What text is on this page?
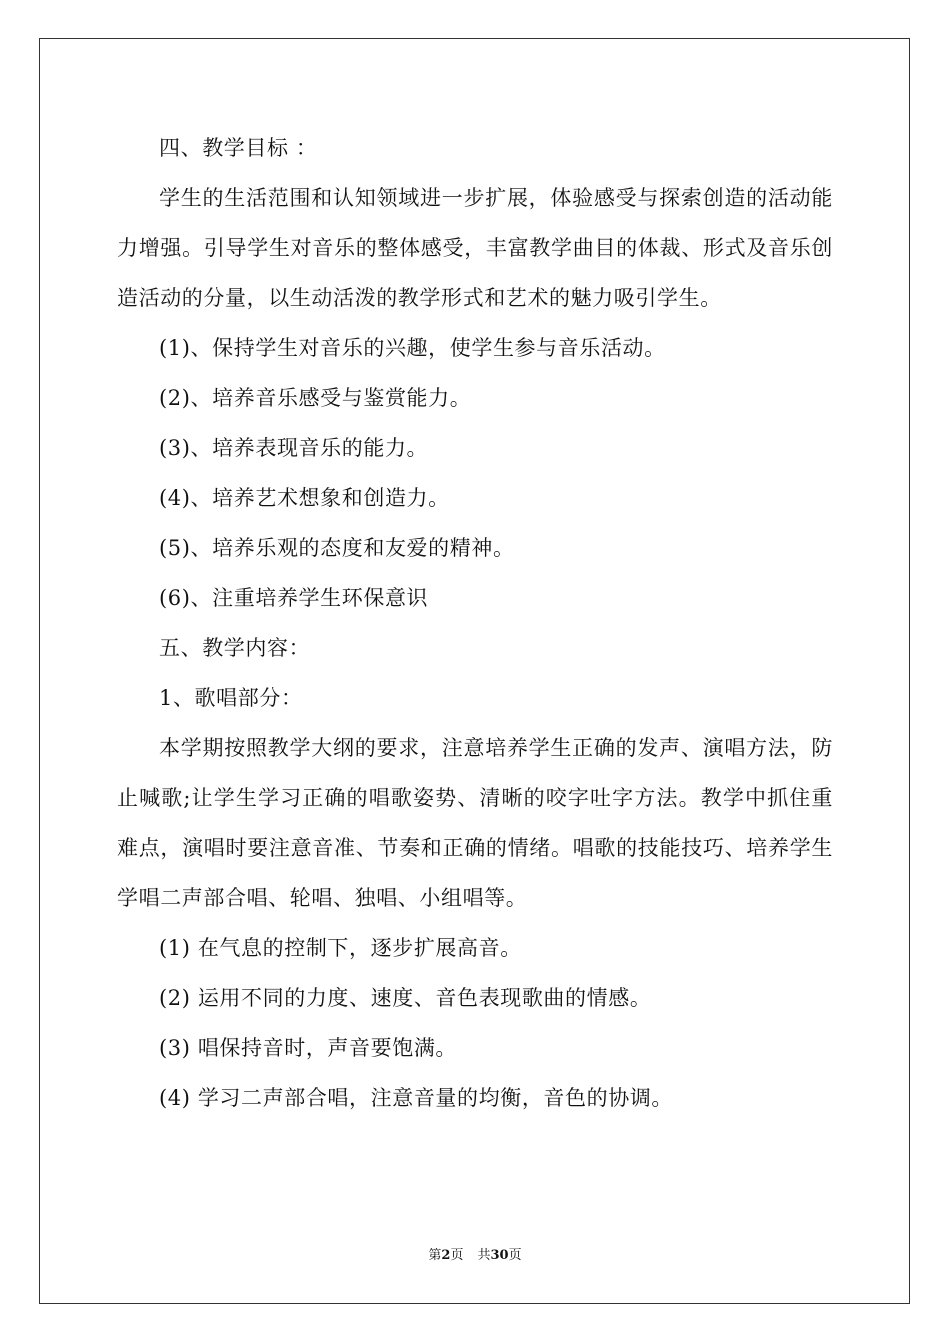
四、教学目标 ：

学生的生活范围和认知领域进一步扩展，体验感受与探索创造的活动能力增强。引导学生对音乐的整体感受，丰富教学曲目的体裁、形式及音乐创造活动的分量，以生动活泼的教学形式和艺术的魅力吸引学生。

(1)、保持学生对音乐的兴趣，使学生参与音乐活动。

(2)、培养音乐感受与鉴赏能力。

(3)、培养表现音乐的能力。

(4)、培养艺术想象和创造力。

(5)、培养乐观的态度和友爱的精神。

(6)、注重培养学生环保意识

五、教学内容：

1、歌唱部分：

本学期按照教学大纲的要求，注意培养学生正确的发声、演唱方法，防止喊歌;让学生学习正确的唱歌姿势、清晰的咬字吐字方法。教学中抓住重难点，演唱时要注意音准、节奏和正确的情绪。唱歌的技能技巧、培养学生学唱二声部合唱、轮唱、独唱、小组唱等。

(1) 在气息的控制下，逐步扩展高音。

(2) 运用不同的力度、速度、音色表现歌曲的情感。

(3) 唱保持音时，声音要饱满。

(4) 学习二声部合唱，注意音量的均衡，音色的协调。

第2页 共30页
